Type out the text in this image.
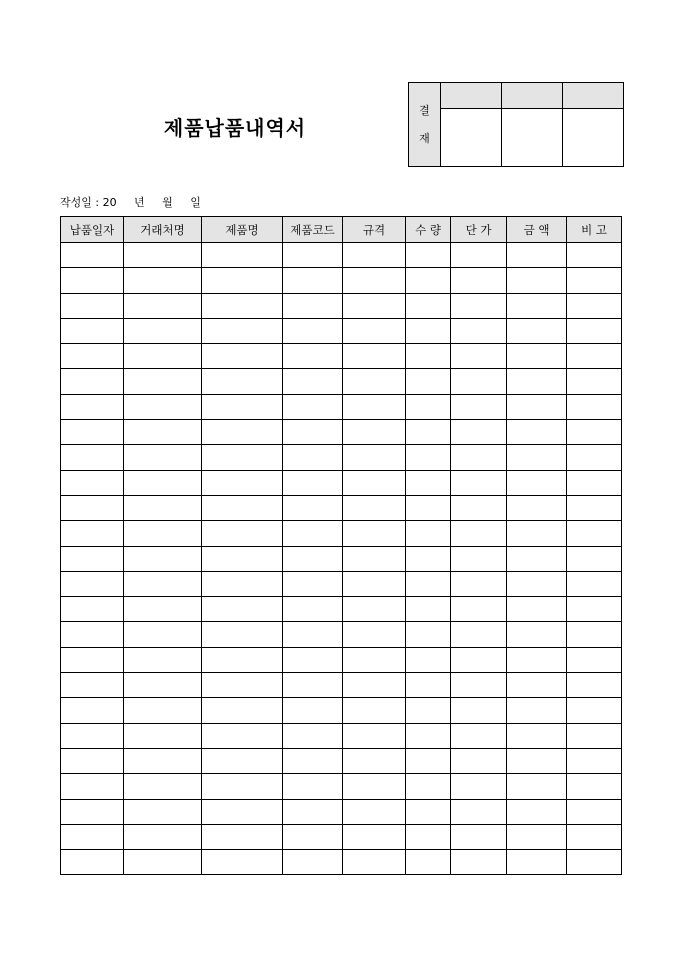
제품납품내역서
결
재			

작성일 : 20     년     월     일
납품일자	거래처명	제품명	제품코드	규격	수 량	단 가	금 액	비 고
